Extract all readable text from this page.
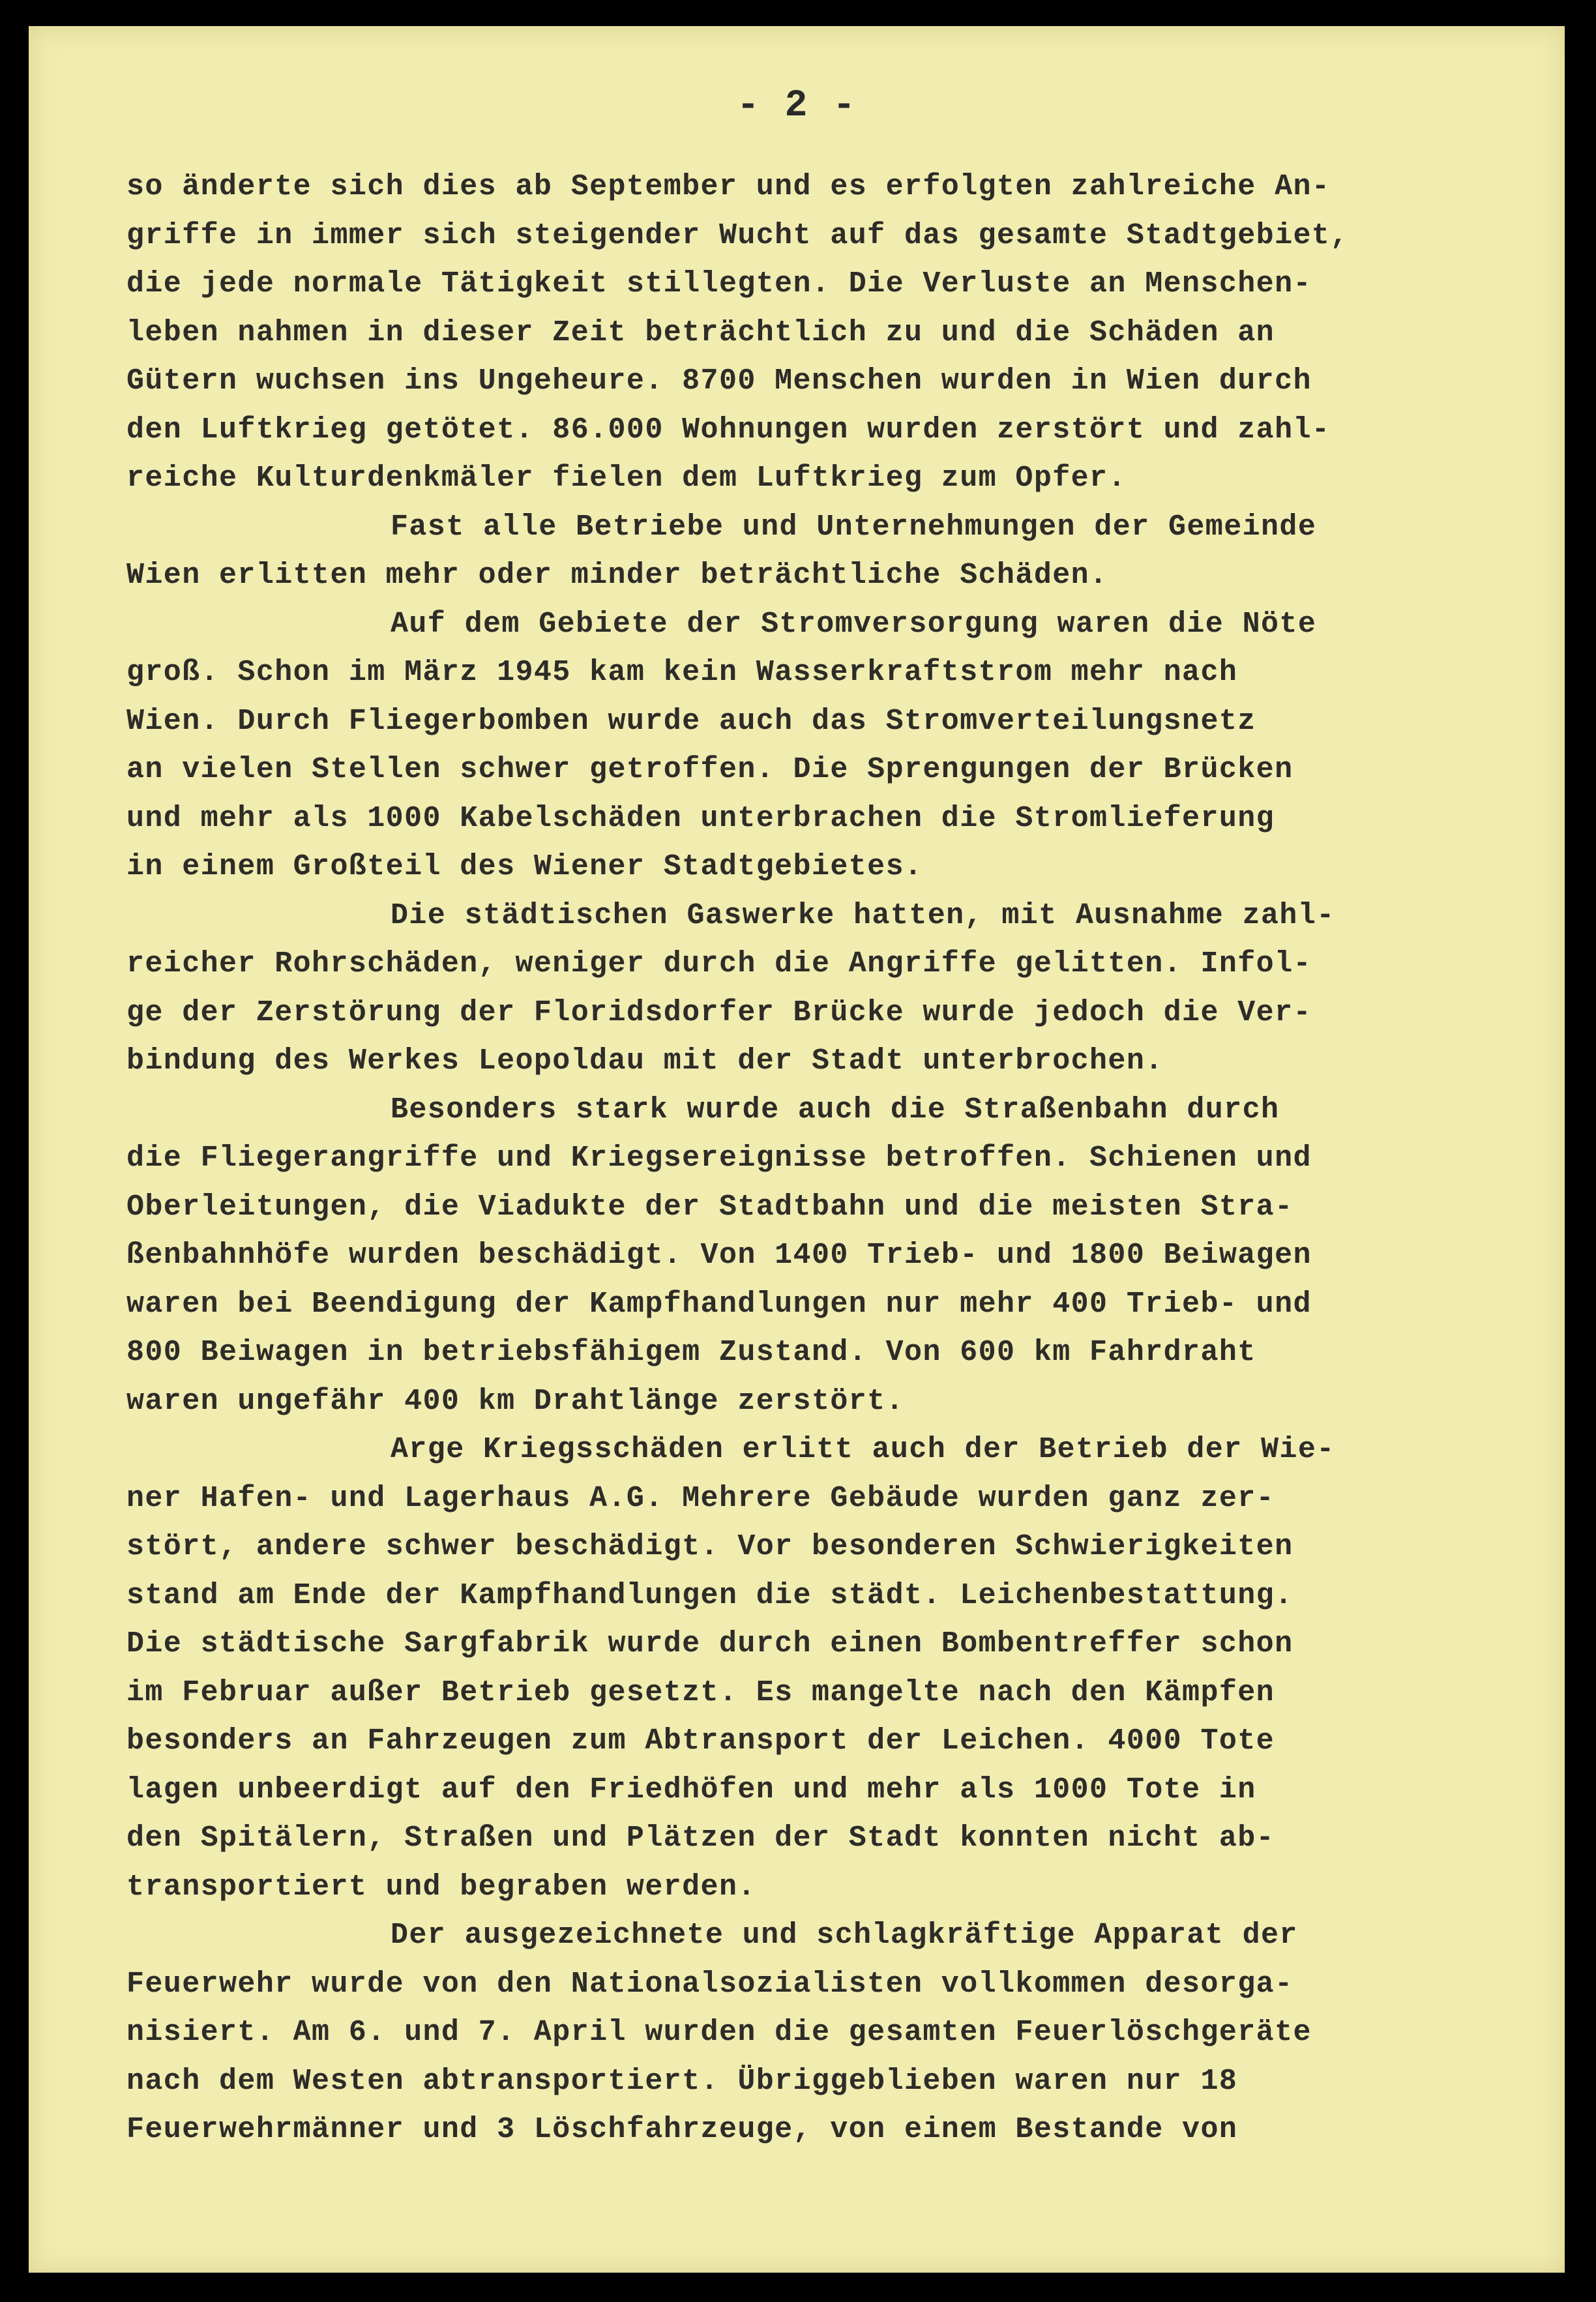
- 2 -
so änderte sich dies ab September und es erfolgten zahlreiche An-
griffe in immer sich steigender Wucht auf das gesamte Stadtgebiet,
die jede normale Tätigkeit stillegten. Die Verluste an Menschen-
leben nahmen in dieser Zeit beträchtlich zu und die Schäden an
Gütern wuchsen ins Ungeheure. 8700 Menschen wurden in Wien durch
den Luftkrieg getötet. 86.000 Wohnungen wurden zerstört und zahl-
reiche Kulturdenkmäler fielen dem Luftkrieg zum Opfer.
Fast alle Betriebe und Unternehmungen der Gemeinde
Wien erlitten mehr oder minder beträchtliche Schäden.
Auf dem Gebiete der Stromversorgung waren die Nöte
groß. Schon im März 1945 kam kein Wasserkraftstrom mehr nach
Wien. Durch Fliegerbomben wurde auch das Stromverteilungsnetz
an vielen Stellen schwer getroffen. Die Sprengungen der Brücken
und mehr als 1000 Kabelschäden unterbrachen die Stromlieferung
in einem Großteil des Wiener Stadtgebietes.
Die städtischen Gaswerke hatten, mit Ausnahme zahl-
reicher Rohrschäden, weniger durch die Angriffe gelitten. Infol-
ge der Zerstörung der Floridsdorfer Brücke wurde jedoch die Ver-
bindung des Werkes Leopoldau mit der Stadt unterbrochen.
Besonders stark wurde auch die Straßenbahn durch
die Fliegerangriffe und Kriegsereignisse betroffen. Schienen und
Oberleitungen, die Viadukte der Stadtbahn und die meisten Stra-
ßenbahnhöfe wurden beschädigt. Von 1400 Trieb- und 1800 Beiwagen
waren bei Beendigung der Kampfhandlungen nur mehr 400 Trieb- und
800 Beiwagen in betriebsfähigem Zustand. Von 600 km Fahrdraht
waren ungefähr 400 km Drahtlänge zerstört.
Arge Kriegsschäden erlitt auch der Betrieb der Wie-
ner Hafen- und Lagerhaus A.G. Mehrere Gebäude wurden ganz zer-
stört, andere schwer beschädigt. Vor besonderen Schwierigkeiten
stand am Ende der Kampfhandlungen die städt. Leichenbestattung.
Die städtische Sargfabrik wurde durch einen Bombentreffer schon
im Februar außer Betrieb gesetzt. Es mangelte nach den Kämpfen
besonders an Fahrzeugen zum Abtransport der Leichen. 4000 Tote
lagen unbeerdigt auf den Friedhöfen und mehr als 1000 Tote in
den Spitälern, Straßen und Plätzen der Stadt konnten nicht ab-
transportiert und begraben werden.
Der ausgezeichnete und schlagkräftige Apparat der
Feuerwehr wurde von den Nationalsozialisten vollkommen desorga-
nisiert. Am 6. und 7. April wurden die gesamten Feuerlöschgeräte
nach dem Westen abtransportiert. Übriggeblieben waren nur 18
Feuerwehrmänner und 3 Löschfahrzeuge, von einem Bestande von
